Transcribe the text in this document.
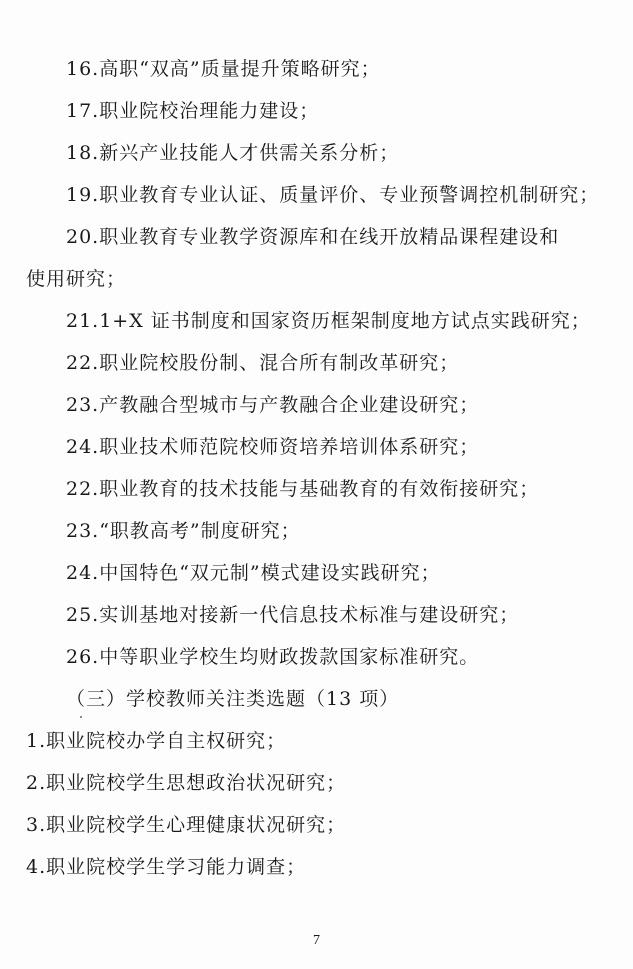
16.高职“双高”质量提升策略研究；
17.职业院校治理能力建设；
18.新兴产业技能人才供需关系分析；
19.职业教育专业认证、质量评价、专业预警调控机制研究；
20.职业教育专业教学资源库和在线开放精品课程建设和
使用研究；
21.1+X 证书制度和国家资历框架制度地方试点实践研究；
22.职业院校股份制、混合所有制改革研究；
23.产教融合型城市与产教融合企业建设研究；
24.职业技术师范院校师资培养培训体系研究；
22.职业教育的技术技能与基础教育的有效衔接研究；
23.“职教高考”制度研究；
24.中国特色“双元制”模式建设实践研究；
25.实训基地对接新一代信息技术标准与建设研究；
26.中等职业学校生均财政拨款国家标准研究。
（三）学校教师关注类选题（13 项）
1.职业院校办学自主权研究；
2.职业院校学生思想政治状况研究；
3.职业院校学生心理健康状况研究；
4.职业院校学生学习能力调查；
7
